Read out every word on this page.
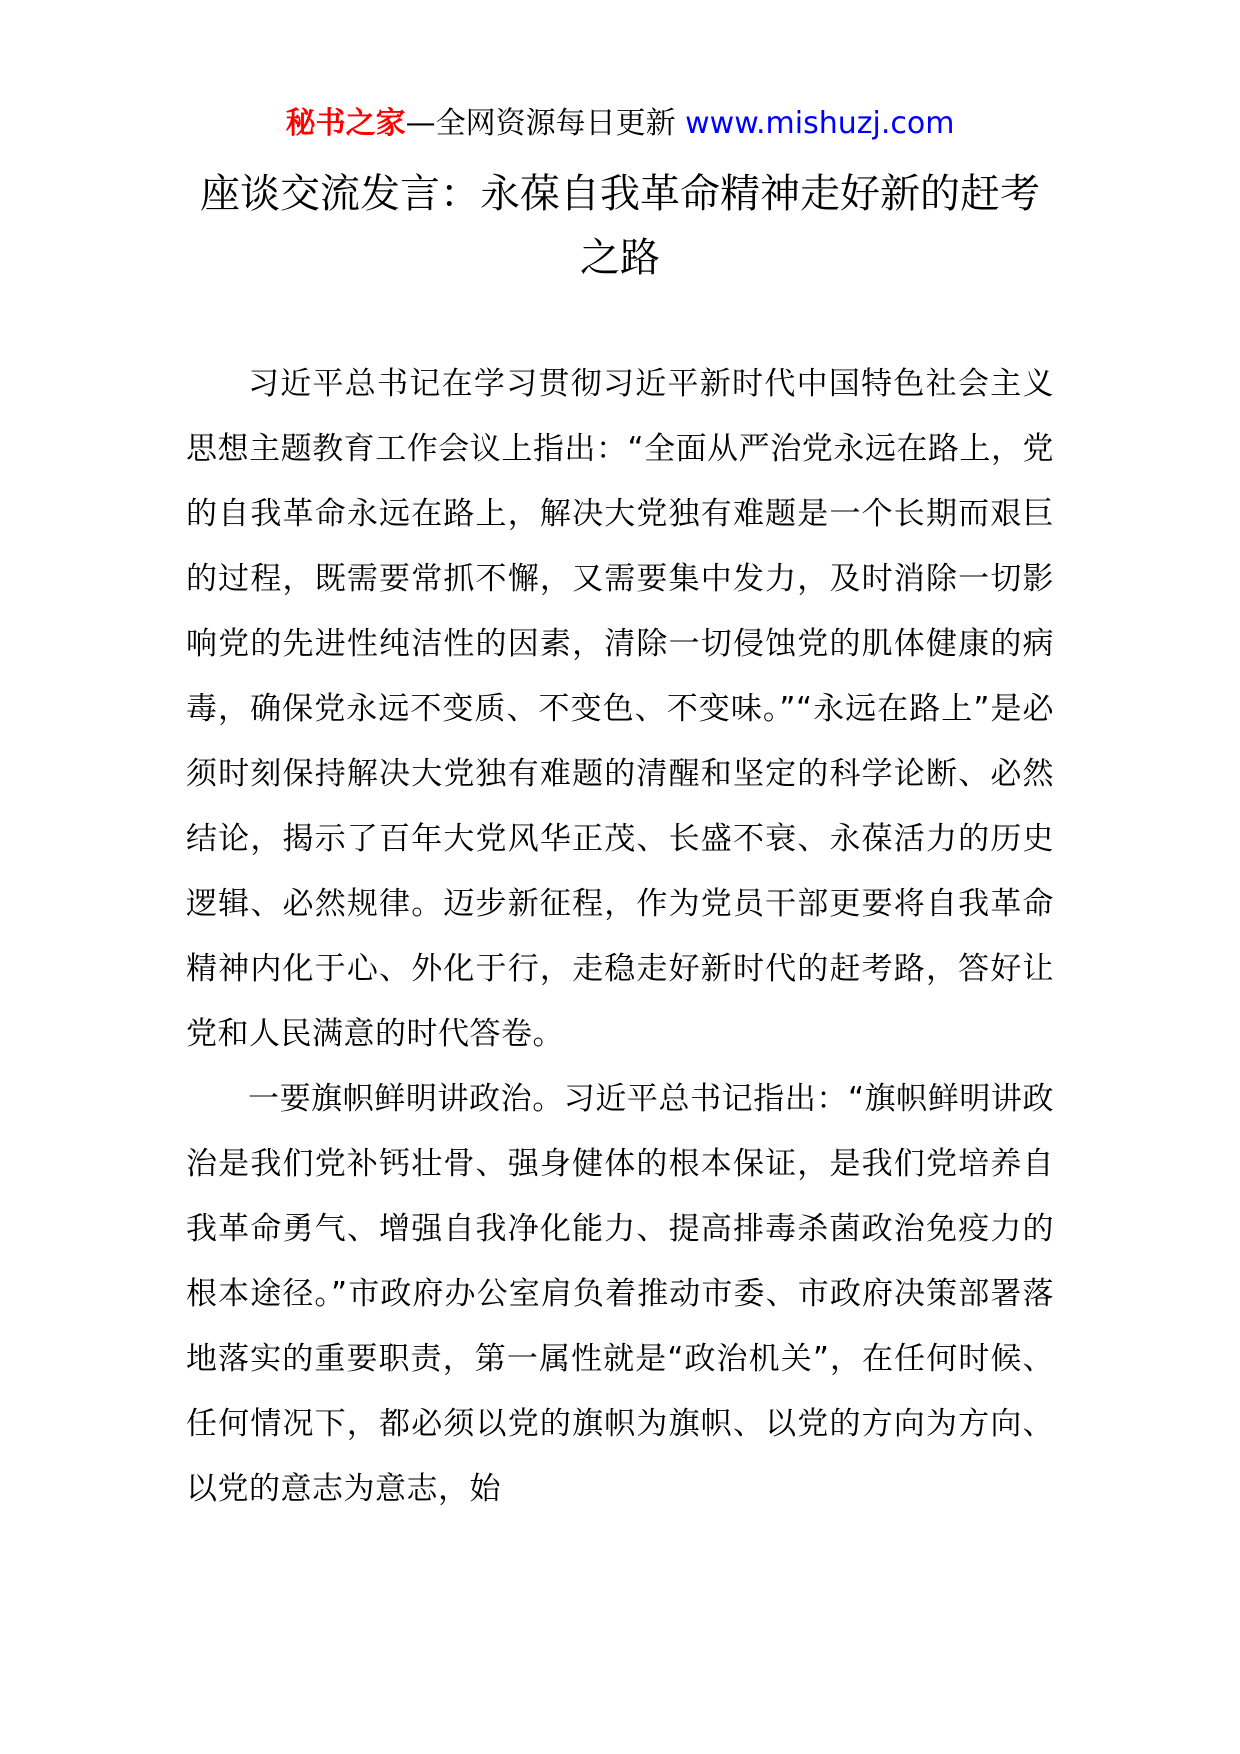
秘书之家—全网资源每日更新 www.mishuzj.com
座谈交流发言：永葆自我革命精神走好新的赶考之路

习近平总书记在学习贯彻习近平新时代中国特色社会主义思想主题教育工作会议上指出：“全面从严治党永远在路上，党的自我革命永远在路上，解决大党独有难题是一个长期而艰巨的过程，既需要常抓不懈，又需要集中发力，及时消除一切影响党的先进性纯洁性的因素，清除一切侵蚀党的肌体健康的病毒，确保党永远不变质、不变色、不变味。”“永远在路上”是必须时刻保持解决大党独有难题的清醒和坚定的科学论断、必然结论，揭示了百年大党风华正茂、长盛不衰、永葆活力的历史逻辑、必然规律。迈步新征程，作为党员干部更要将自我革命精神内化于心、外化于行，走稳走好新时代的赶考路，答好让党和人民满意的时代答卷。

一要旗帜鲜明讲政治。习近平总书记指出：“旗帜鲜明讲政治是我们党补钙壮骨、强身健体的根本保证，是我们党培养自我革命勇气、增强自我净化能力、提高排毒杀菌政治免疫力的根本途径。”市政府办公室肩负着推动市委、市政府决策部署落地落实的重要职责，第一属性就是“政治机关”，在任何时候、任何情况下，都必须以党的旗帜为旗帜、以党的方向为方向、以党的意志为意志，始
